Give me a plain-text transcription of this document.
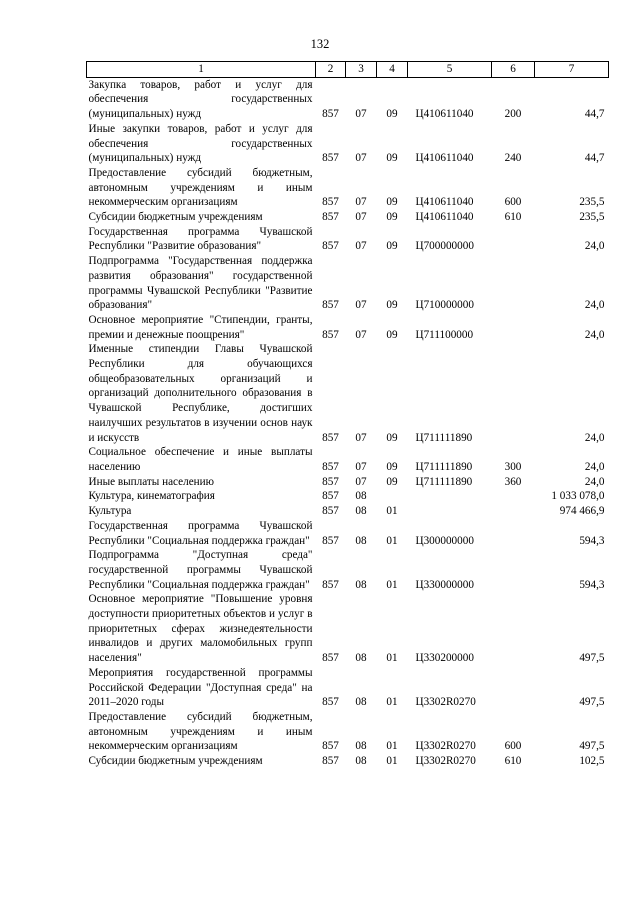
132
1	2	3	4	5	6	7
Закупка товаров, работ и услуг для обеспечения государственных (муниципальных) нужд	857	07	09	Ц410611040	200	44,7
Иные закупки товаров, работ и услуг для обеспечения государственных (муниципальных) нужд	857	07	09	Ц410611040	240	44,7
Предоставление субсидий бюджетным, автономным учреждениям и иным некоммерческим организациям	857	07	09	Ц410611040	600	235,5
Субсидии бюджетным учреждениям	857	07	09	Ц410611040	610	235,5
Государственная программа Чувашской Республики "Развитие образования"	857	07	09	Ц700000000		24,0
Подпрограмма "Государственная поддержка развития образования" государственной программы Чувашской Республики "Развитие образования"	857	07	09	Ц710000000		24,0
Основное мероприятие "Стипендии, гранты, премии и денежные поощрения"	857	07	09	Ц711100000		24,0
Именные стипендии Главы Чувашской Республики для обучающихся общеобразовательных организаций и организаций дополнительного образования в Чувашской Республике, достигших наилучших результатов в изучении основ наук и искусств	857	07	09	Ц711111890		24,0
Социальное обеспечение и иные выплаты населению	857	07	09	Ц711111890	300	24,0
Иные выплаты населению	857	07	09	Ц711111890	360	24,0
Культура, кинематография	857	08				1 033 078,0
Культура	857	08	01			974 466,9
Государственная программа Чувашской Республики "Социальная поддержка граждан"	857	08	01	Ц300000000		594,3
Подпрограмма "Доступная среда" государственной программы Чувашской Республики "Социальная поддержка граждан"	857	08	01	Ц330000000		594,3
Основное мероприятие "Повышение уровня доступности приоритетных объектов и услуг в приоритетных сферах жизнедеятельности инвалидов и других маломобильных групп населения"	857	08	01	Ц330200000		497,5
Мероприятия государственной программы Российской Федерации "Доступная среда" на 2011–2020 годы	857	08	01	Ц3302R0270		497,5
Предоставление субсидий бюджетным, автономным учреждениям и иным некоммерческим организациям	857	08	01	Ц3302R0270	600	497,5
Субсидии бюджетным учреждениям	857	08	01	Ц3302R0270	610	102,5
